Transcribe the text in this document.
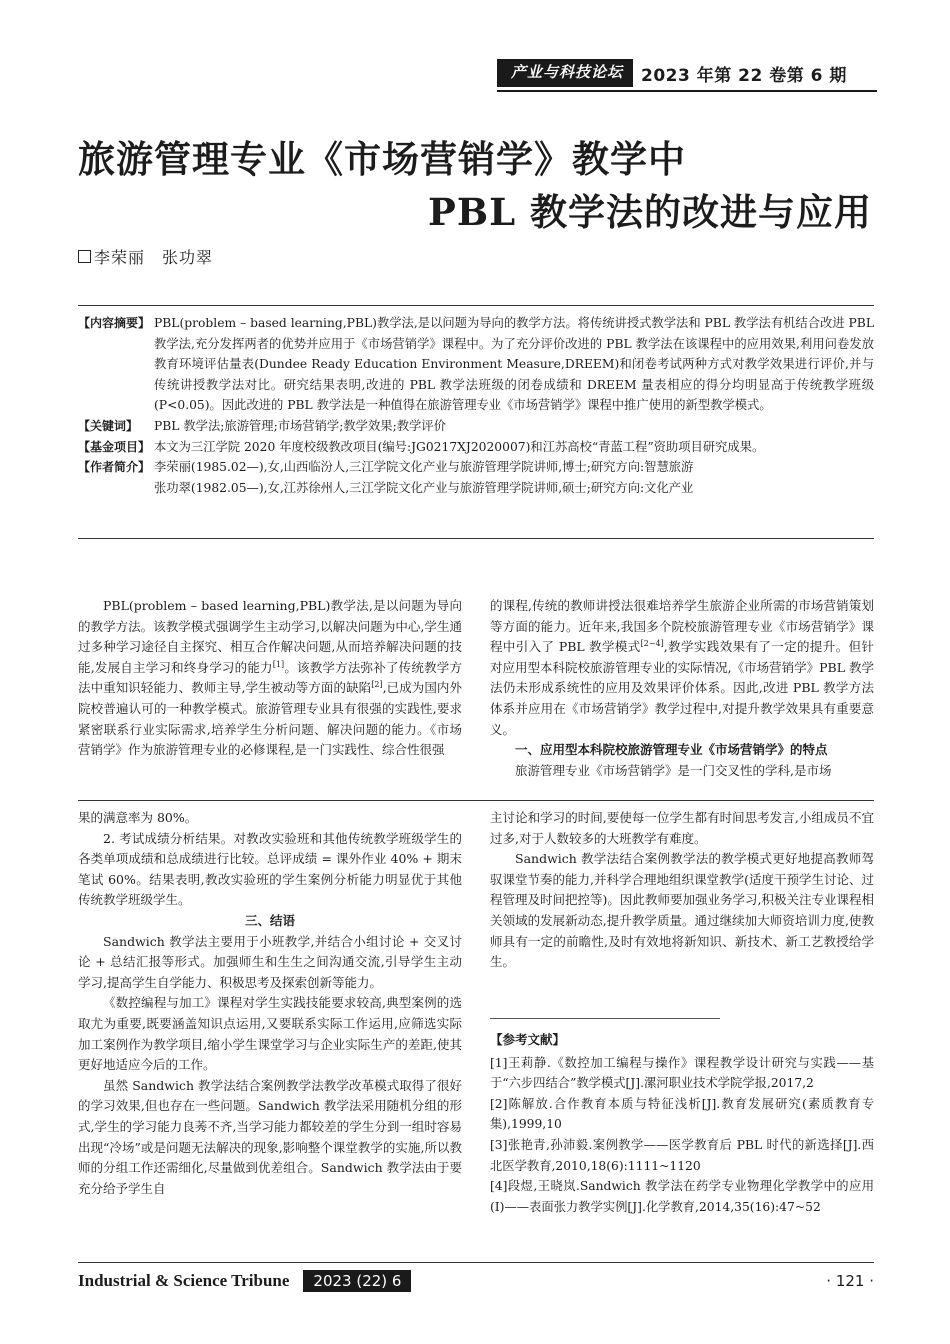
产业与科技论坛	2023 年第 22 卷第 6 期
旅游管理专业《市场营销学》教学中
PBL 教学法的改进与应用
李荣丽　张功翠
【内容摘要】 PBL(problem – based learning,PBL)教学法,是以问题为导向的教学方法。将传统讲授式教学法和 PBL 教学法有机结合改进 PBL 教学法,充分发挥两者的优势并应用于《市场营销学》课程中。为了充分评价改进的 PBL 教学法在该课程中的应用效果,利用问卷发放教育环境评估量表(Dundee Ready Education Environment Measure,DREEM)和闭卷考试两种方式对教学效果进行评价,并与传统讲授教学法对比。研究结果表明,改进的 PBL 教学法班级的闭卷成绩和 DREEM 量表相应的得分均明显高于传统教学班级(P<0.05)。因此改进的 PBL 教学法是一种值得在旅游管理专业《市场营销学》课程中推广使用的新型教学模式。
【关键词】	PBL 教学法;旅游管理;市场营销学;教学效果;教学评价
【基金项目】 本文为三江学院 2020 年度校级教改项目(编号:JG0217XJ2020007)和江苏高校“青蓝工程”资助项目研究成果。
【作者简介】 李荣丽(1985.02—),女,山西临汾人,三江学院文化产业与旅游管理学院讲师,博士;研究方向:智慧旅游
张功翠(1982.05—),女,江苏徐州人,三江学院文化产业与旅游管理学院讲师,硕士;研究方向:文化产业

PBL(problem – based learning,PBL)教学法,是以问题为导向的教学方法。该教学模式强调学生主动学习,以解决问题为中心,学生通过多种学习途径自主探究、相互合作解决问题,从而培养解决问题的技能,发展自主学习和终身学习的能力[1]。该教学方法弥补了传统教学方法中重知识轻能力、教师主导,学生被动等方面的缺陷[2],已成为国内外院校普遍认可的一种教学模式。旅游管理专业具有很强的实践性,要求紧密联系行业实际需求,培养学生分析问题、解决问题的能力。《市场营销学》作为旅游管理专业的必修课程,是一门实践性、综合性很强

的课程,传统的教师讲授法很难培养学生旅游企业所需的市场营销策划等方面的能力。近年来,我国多个院校旅游管理专业《市场营销学》课程中引入了 PBL 教学模式[2~4],教学实践效果有了一定的提升。但针对应用型本科院校旅游管理专业的实际情况,《市场营销学》PBL 教学法仍未形成系统性的应用及效果评价体系。因此,改进 PBL 教学方法体系并应用在《市场营销学》教学过程中,对提升教学效果具有重要意义。

一、应用型本科院校旅游管理专业《市场营销学》的特点

旅游管理专业《市场营销学》是一门交叉性的学科,是市场

果的满意率为 80%。

2. 考试成绩分析结果。对教改实验班和其他传统教学班级学生的各类单项成绩和总成绩进行比较。总评成绩 = 课外作业 40% + 期末笔试 60%。结果表明,教改实验班的学生案例分析能力明显优于其他传统教学班级学生。

三、结语

Sandwich 教学法主要用于小班教学,并结合小组讨论 + 交叉讨论 + 总结汇报等形式。加强师生和生生之间沟通交流,引导学生主动学习,提高学生自学能力、积极思考及探索创新等能力。

《数控编程与加工》课程对学生实践技能要求较高,典型案例的选取尤为重要,既要涵盖知识点运用,又要联系实际工作运用,应筛选实际加工案例作为教学项目,缩小学生课堂学习与企业实际生产的差距,使其更好地适应今后的工作。

虽然 Sandwich 教学法结合案例教学法教学改革模式取得了很好的学习效果,但也存在一些问题。Sandwich 教学法采用随机分组的形式,学生的学习能力良莠不齐,当学习能力都较差的学生分到一组时容易出现“冷场”或是问题无法解决的现象,影响整个课堂教学的实施,所以教师的分组工作还需细化,尽量做到优差组合。Sandwich 教学法由于要充分给予学生自

主讨论和学习的时间,要使每一位学生都有时间思考发言,小组成员不宜过多,对于人数较多的大班教学有难度。

Sandwich 教学法结合案例教学法的教学模式更好地提高教师驾驭课堂节奏的能力,并科学合理地组织课堂教学(适度干预学生讨论、过程管理及时间把控等)。因此教师要加强业务学习,积极关注专业课程相关领域的发展新动态,提升教学质量。通过继续加大师资培训力度,使教师具有一定的前瞻性,及时有效地将新知识、新技术、新工艺教授给学生。

【参考文献】

[1]王莉静.《数控加工编程与操作》课程教学设计研究与实践——基于“六步四结合”教学模式[J].漯河职业技术学院学报,2017,2

[2]陈解放.合作教育本质与特征浅析[J].教育发展研究(素质教育专集),1999,10

[3]张艳青,孙沛毅.案例教学——医学教育后 PBL 时代的新选择[J].西北医学教育,2010,18(6):1111~1120

[4]段煜,王晓岚.Sandwich 教学法在药学专业物理化学教学中的应用(Ⅰ)——表面张力教学实例[J].化学教育,2014,35(16):47~52

Industrial & Science Tribune	2023 (22) 6	· 121 ·
